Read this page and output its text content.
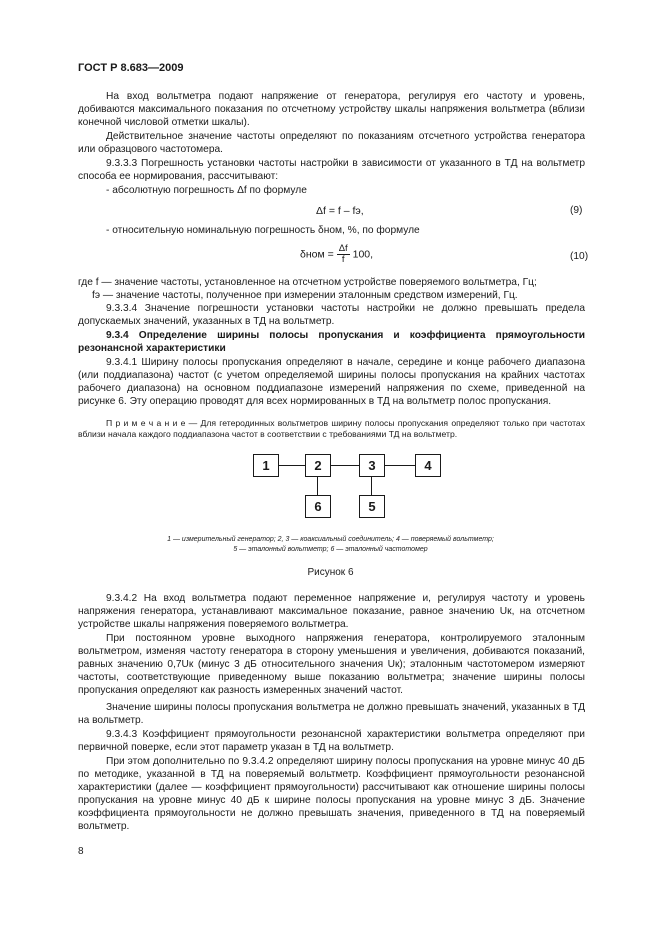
ГОСТ Р 8.683—2009
На вход вольтметра подают напряжение от генератора, регулируя его частоту и уровень, добиваются максимального показания по отсчетному устройству шкалы напряжения вольтметра (вблизи конечной числовой отметки шкалы).
Действительное значение частоты определяют по показаниям отсчетного устройства генератора или образцового частотомера.
9.3.3.3 Погрешность установки частоты настройки в зависимости от указанного в ТД на вольтметр способа ее нормирования, рассчитывают:
- абсолютную погрешность Δf по формуле
Δf = f – fэ,	(9)
- относительную номинальную погрешность δном, %, по формуле
$\delta ном = \frac{\Delta f}{f} 100$,	(10)
где f — значение частоты, установленное на отсчетном устройстве поверяемого вольтметра, Гц;
fэ — значение частоты, полученное при измерении эталонным средством измерений, Гц.
9.3.3.4 Значение погрешности установки частоты настройки не должно превышать предела допускаемых значений, указанных в ТД на вольтметр.
9.3.4 Определение ширины полосы пропускания и коэффициента прямоугольности резонансной характеристики
9.3.4.1 Ширину полосы пропускания определяют в начале, середине и конце рабочего диапазона (или поддиапазона) частот (с учетом определяемой ширины полосы пропускания на крайних частотах рабочего диапазона) на основном поддиапазоне измерений напряжения по схеме, приведенной на рисунке 6. Эту операцию проводят для всех нормированных в ТД на вольтметр полос пропускания.
П р и м е ч а н и е — Для гетеродинных вольтметров ширину полосы пропускания определяют только при частотах вблизи начала каждого поддиапазона частот в соответствии с требованиями ТД на вольтметр.
1	2	3	4
6	5
1 — измерительный генератор; 2, 3 — коаксиальный соединитель; 4 — поверяемый вольтметр;
5 — эталонный вольтметр; 6 — эталонный частотомер
Рисунок 6
9.3.4.2 На вход вольтметра подают переменное напряжение и, регулируя частоту и уровень напряжения генератора, устанавливают максимальное показание, равное значению Uк, на отсчетном устройстве шкалы напряжения поверяемого вольтметра.
При постоянном уровне выходного напряжения генератора, контролируемого эталонным вольтметром, изменяя частоту генератора в сторону уменьшения и увеличения, добиваются показаний, равных значению 0,7Uк (минус 3 дБ относительного значения Uк); эталонным частотомером измеряют частоты, соответствующие приведенному выше показанию вольтметра; значение ширины полосы пропускания определяют как разность измеренных значений частот.
Значение ширины полосы пропускания вольтметра не должно превышать значений, указанных в ТД на вольтметр.
9.3.4.3 Коэффициент прямоугольности резонансной характеристики вольтметра определяют при первичной поверке, если этот параметр указан в ТД на вольтметр.
При этом дополнительно по 9.3.4.2 определяют ширину полосы пропускания на уровне минус 40 дБ по методике, указанной в ТД на поверяемый вольтметр. Коэффициент прямоугольности резонансной характеристики (далее — коэффициент прямоугольности) рассчитывают как отношение ширины полосы пропускания на уровне минус 40 дБ к ширине полосы пропускания на уровне минус 3 дБ. Значение коэффициента прямоугольности не должно превышать значения, приведенного в ТД на поверяемый вольтметр.
8
